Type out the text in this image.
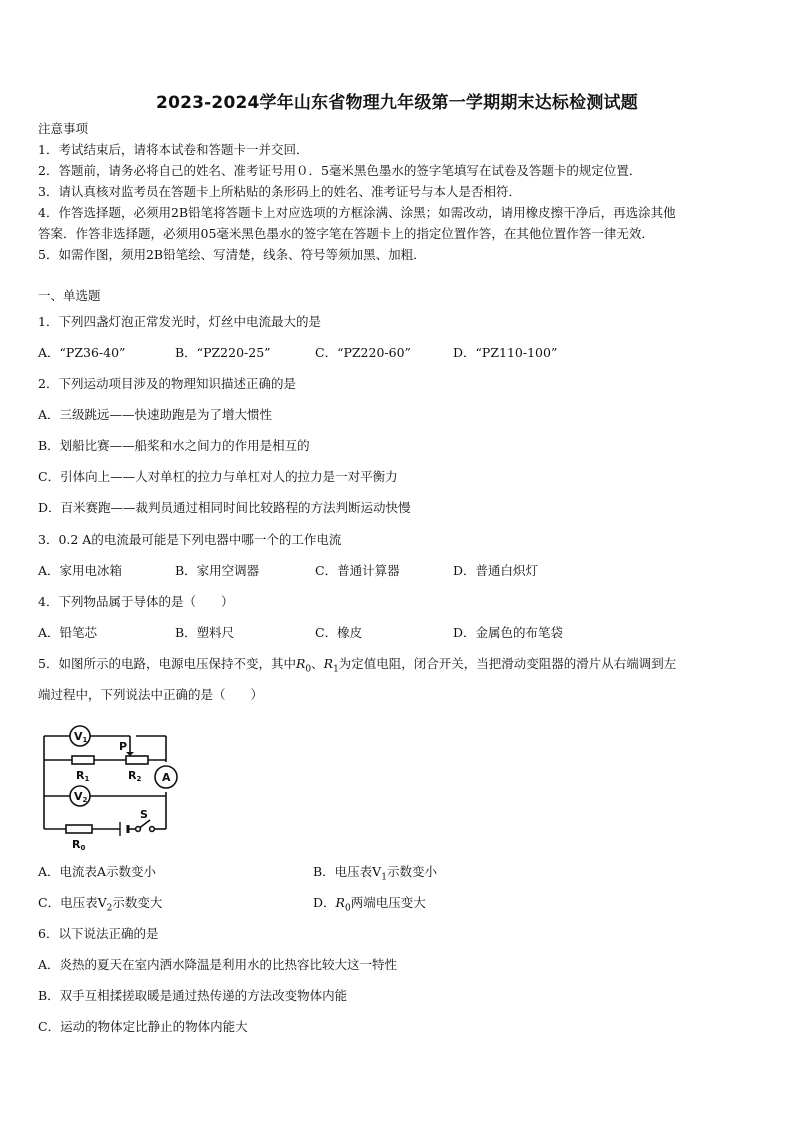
2023-2024学年山东省物理九年级第一学期期末达标检测试题
注意事项
1．考试结束后，请将本试卷和答题卡一并交回．
2．答题前，请务必将自己的姓名、准考证号用０．5毫米黑色墨水的签字笔填写在试卷及答题卡的规定位置．
3．请认真核对监考员在答题卡上所粘贴的条形码上的姓名、准考证号与本人是否相符．
4．作答选择题，必须用2B铅笔将答题卡上对应选项的方框涂满、涂黑；如需改动，请用橡皮擦干净后，再选涂其他
答案．作答非选择题，必须用05毫米黑色墨水的签字笔在答题卡上的指定位置作答，在其他位置作答一律无效．
5．如需作图，须用2B铅笔绘、写清楚，线条、符号等须加黑、加粗．
一、单选题
1．下列四盏灯泡正常发光时，灯丝中电流最大的是
A．“PZ36-40”	B．“PZ220-25”	C．“PZ220-60”	D．“PZ110-100”
2．下列运动项目涉及的物理知识描述正确的是
A．三级跳远——快速助跑是为了增大惯性
B．划船比赛——船桨和水之间力的作用是相互的
C．引体向上——人对单杠的拉力与单杠对人的拉力是一对平衡力
D．百米赛跑——裁判员通过相同时间比较路程的方法判断运动快慢
3．0.2 A的电流最可能是下列电器中哪一个的工作电流
A．家用电冰箱	B．家用空调器	C．普通计算器	D．普通白炽灯
4．下列物品属于导体的是（　　）
A．铅笔芯	B．塑料尺	C．橡皮	D．金属色的布笔袋
5．如图所示的电路，电源电压保持不变，其中$R_0$、$R_1$为定值电阻，闭合开关，当把滑动变阻器的滑片从右端调到左
端过程中，下列说法中正确的是（　　）
V1
V2
A
P
R1	R2
S
R0
A．电流表A示数变小	B．电压表$V_1$示数变小
C．电压表$V_2$示数变大	D．$R_0$两端电压变大
6．以下说法正确的是
A．炎热的夏天在室内洒水降温是利用水的比热容比较大这一特性
B．双手互相揉搓取暖是通过热传递的方法改变物体内能
C．运动的物体定比静止的物体内能大
